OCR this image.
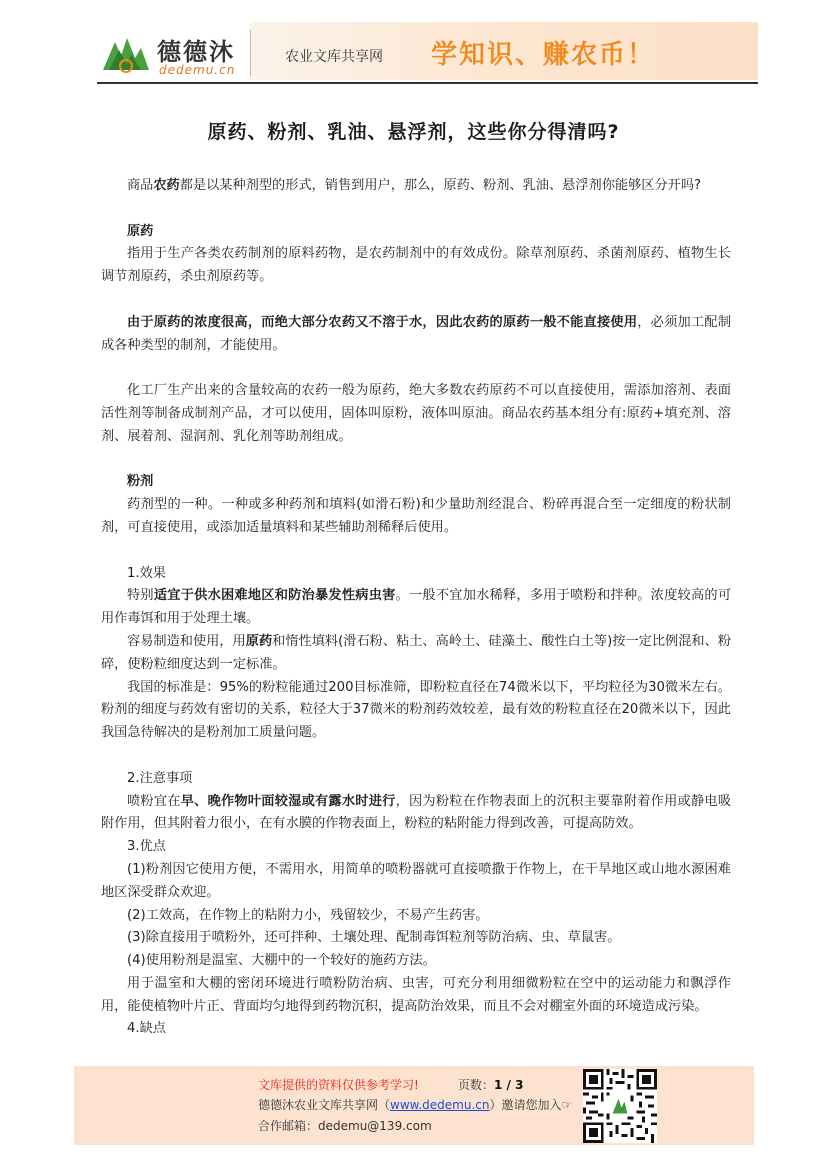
德德沐
dedemu.cn
农业文库共享网 学知识、赚农币！
原药、粉剂、乳油、悬浮剂，这些你分得清吗?

商品农药都是以某种剂型的形式，销售到用户，那么，原药、粉剂、乳油、悬浮剂你能够区分开吗?

原药

指用于生产各类农药制剂的原料药物，是农药制剂中的有效成份。除草剂原药、杀菌剂原药、植物生长调节剂原药，杀虫剂原药等。

由于原药的浓度很高，而绝大部分农药又不溶于水，因此农药的原药一般不能直接使用，必须加工配制成各种类型的制剂，才能使用。

化工厂生产出来的含量较高的农药一般为原药，绝大多数农药原药不可以直接使用，需添加溶剂、表面活性剂等制备成制剂产品，才可以使用，固体叫原粉，液体叫原油。商品农药基本组分有:原药+填充剂、溶剂、展着剂、湿润剂、乳化剂等助剂组成。

粉剂

药剂型的一种。一种或多种药剂和填料(如滑石粉)和少量助剂经混合、粉碎再混合至一定细度的粉状制剂，可直接使用，或添加适量填料和某些辅助剂稀释后使用。

1.效果

特别适宜于供水困难地区和防治暴发性病虫害。一般不宜加水稀释，多用于喷粉和拌种。浓度较高的可用作毒饵和用于处理土壤。

容易制造和使用，用原药和惰性填料(滑石粉、粘土、高岭土、硅藻土、酸性白土等)按一定比例混和、粉碎，使粉粒细度达到一定标准。

我国的标准是：95%的粉粒能通过200目标准筛，即粉粒直径在74微米以下，平均粒径为30微米左右。粉剂的细度与药效有密切的关系，粒径大于37微米的粉剂药效较差，最有效的粉粒直径在20微米以下，因此我国急待解决的是粉剂加工质量问题。

2.注意事项

喷粉宜在早、晚作物叶面较湿或有露水时进行，因为粉粒在作物表面上的沉积主要靠附着作用或静电吸附作用，但其附着力很小，在有水膜的作物表面上，粉粒的粘附能力得到改善，可提高防效。

3.优点

(1)粉剂因它使用方便，不需用水，用简单的喷粉器就可直接喷撒于作物上，在干旱地区或山地水源困难地区深受群众欢迎。

(2)工效高，在作物上的粘附力小，残留较少，不易产生药害。

(3)除直接用于喷粉外，还可拌种、土壤处理、配制毒饵粒剂等防治病、虫、草鼠害。

(4)使用粉剂是温室、大棚中的一个较好的施药方法。

用于温室和大棚的密闭环境进行喷粉防治病、虫害，可充分利用细微粉粒在空中的运动能力和飘浮作用，能使植物叶片正、背面均匀地得到药物沉积，提高防治效果，而且不会对棚室外面的环境造成污染。

4.缺点

文库提供的资料仅供参考学习!	页数：1 / 3
德德沐农业文库共享网（www.dedemu.cn）邀请您加入☞
合作邮箱：dedemu@139.com
